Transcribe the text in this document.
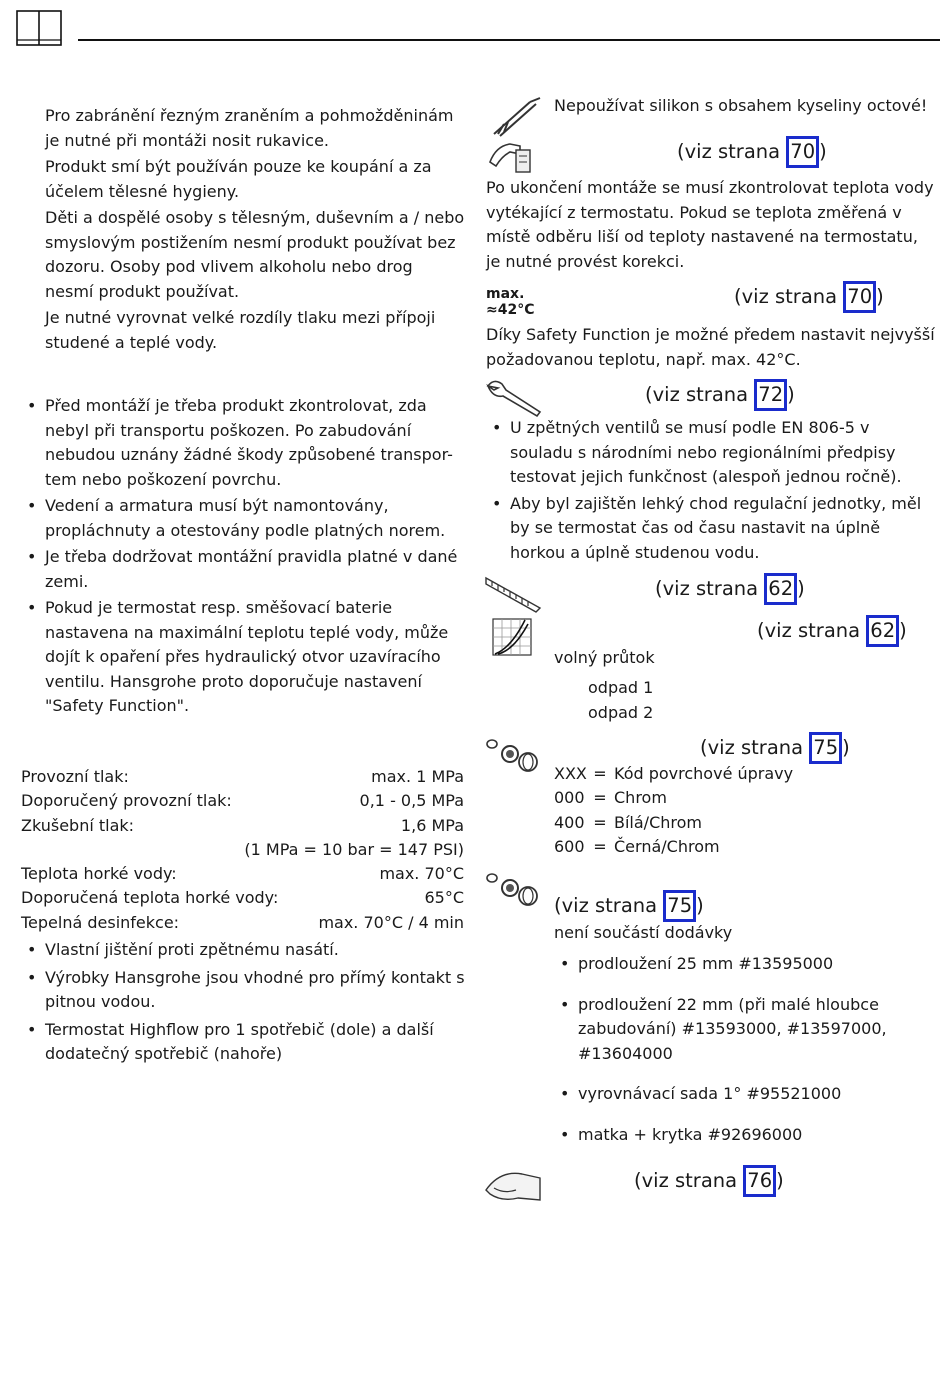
Pro zabránění řezným zraněním a pohmožděninám je nutné při montáži nosit rukavice.

Produkt smí být používán pouze ke koupání a za účelem tělesné hygieny.

Děti a dospělé osoby s tělesným, duševním a / nebo smyslovým postižením nesmí produkt používat bez dozoru. Osoby pod vlivem alkoholu nebo drog nesmí produkt používat.

Je nutné vyrovnat velké rozdíly tlaku mezi přípoji studené a teplé vody.

• Před montáží je třeba produkt zkontrolovat, zda nebyl při transportu poškozen. Po zabudování nebudou uznány žádné škody způsobené transpor-tem nebo poškození povrchu.
• Vedení a armatura musí být namontovány, propláchnuty a otestovány podle platných norem.
• Je třeba dodržovat montážní pravidla platné v dané zemi.
• Pokud je termostat resp. směšovací baterie nastavena na maximální teplotu teplé vody, může dojít k opaření přes hydraulický otvor uzavíracího ventilu. Hansgrohe proto doporučuje nastavení "Safety Function".
Provozní tlak:	max. 1 MPa
Doporučený provozní tlak:	0,1 - 0,5 MPa
Zkušební tlak:	1,6 MPa
(1 MPa = 10 bar = 147 PSI)
Teplota horké vody:	max. 70°C
Doporučená teplota horké vody:	65°C
Tepelná desinfekce:	max. 70°C / 4 min
• Vlastní jištění proti zpětnému nasátí.
• Výrobky Hansgrohe jsou vhodné pro přímý kontakt s pitnou vodou.
• Termostat Highflow pro 1 spotřebič (dole) a další dodatečný spotřebič (nahoře)
Nepoužívat silikon s obsahem kyseliny octové!
(viz strana 70 )
Po ukončení montáže se musí zkontrolovat teplota vody vytékající z termostatu. Pokud se teplota změřená v místě odběru liší od teploty nastavené na termostatu, je nutné provést korekci.
max.
≈42°C
(viz strana 70 )
Díky Safety Function je možné předem nastavit nejvyšší požadovanou teplotu, např. max. 42°C.
(viz strana 72 )
• U zpětných ventilů se musí podle EN 806-5 v souladu s národními nebo regionálními předpisy testovat jejich funkčnost (alespoň jednou ročně).
• Aby byl zajištěn lehký chod regulační jednotky, měl by se termostat čas od času nastavit na úplně horkou a úplně studenou vodu.
(viz strana 62 )
(viz strana 62 )
volný průtok
odpad 1
odpad 2
(viz strana 75 )
XXX = Kód povrchové úpravy
000 = Chrom
400 = Bílá/Chrom
600 = Černá/Chrom
(viz strana 75 )
není součástí dodávky
• prodloužení 25 mm #13595000
• prodloužení 22 mm (při malé hloubce zabudování) #13593000, #13597000, #13604000
• vyrovnávací sada 1° #95521000
• matka + krytka #92696000
(viz strana 76 )
